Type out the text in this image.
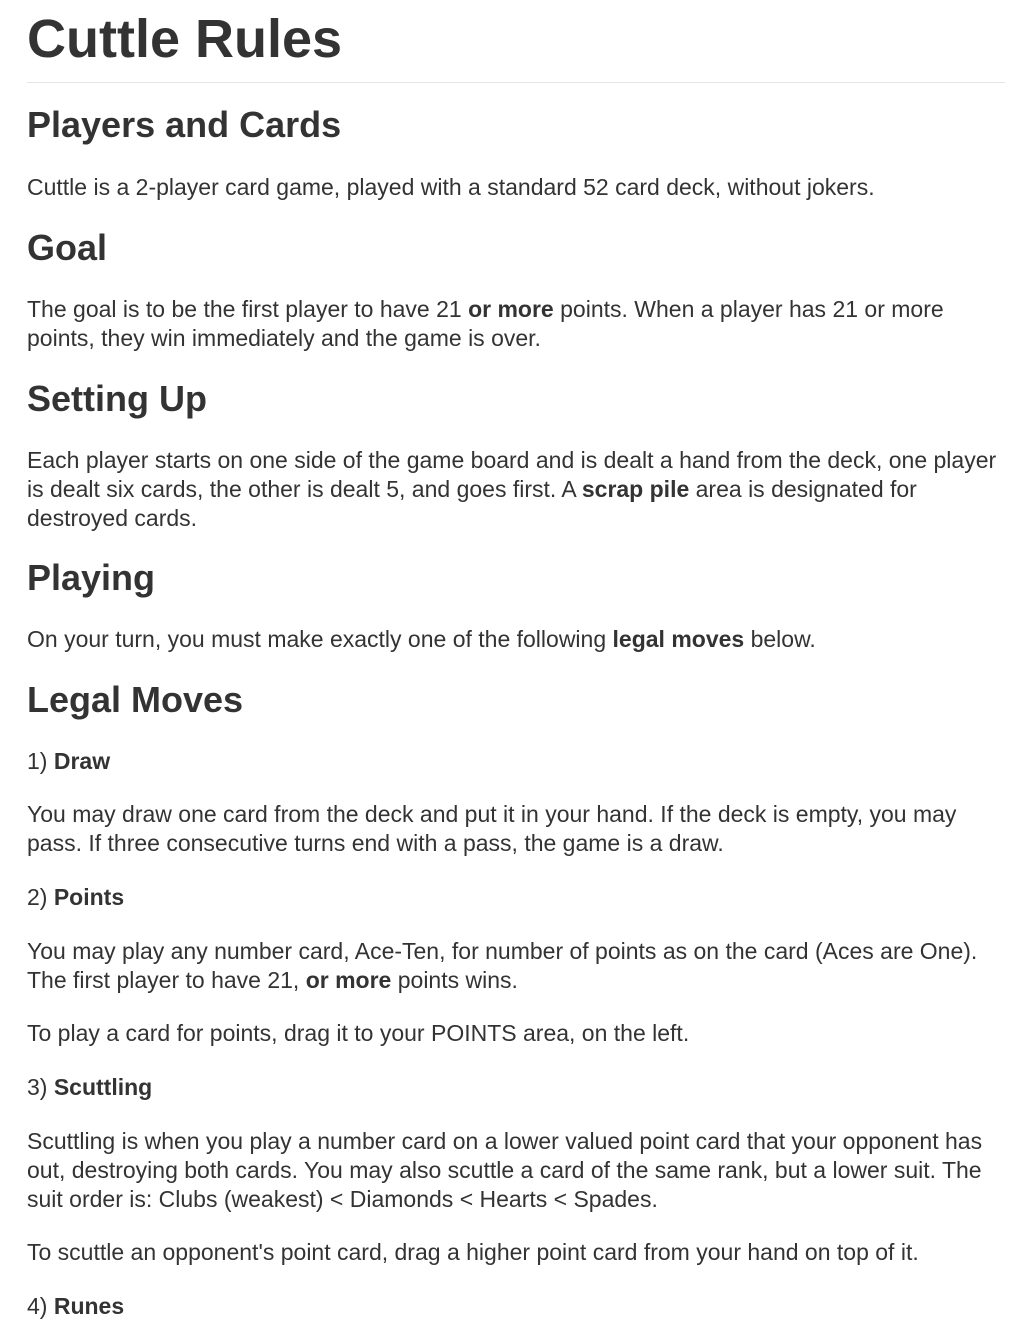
Cuttle Rules
Players and Cards

Cuttle is a 2-player card game, played with a standard 52 card deck, without jokers.

Goal

The goal is to be the first player to have 21 or more points. When a player has 21 or more points, they win immediately and the game is over.

Setting Up

Each player starts on one side of the game board and is dealt a hand from the deck, one player is dealt six cards, the other is dealt 5, and goes first. A scrap pile area is designated for destroyed cards.

Playing

On your turn, you must make exactly one of the following legal moves below.

Legal Moves

1) Draw

You may draw one card from the deck and put it in your hand. If the deck is empty, you may pass. If three consecutive turns end with a pass, the game is a draw.

2) Points

You may play any number card, Ace-Ten, for number of points as on the card (Aces are One). The first player to have 21, or more points wins.

To play a card for points, drag it to your POINTS area, on the left.

3) Scuttling

Scuttling is when you play a number card on a lower valued point card that your opponent has out, destroying both cards. You may also scuttle a card of the same rank, but a lower suit. The suit order is: Clubs (weakest) < Diamonds < Hearts < Spades.

To scuttle an opponent's point card, drag a higher point card from your hand on top of it.

4) Runes
